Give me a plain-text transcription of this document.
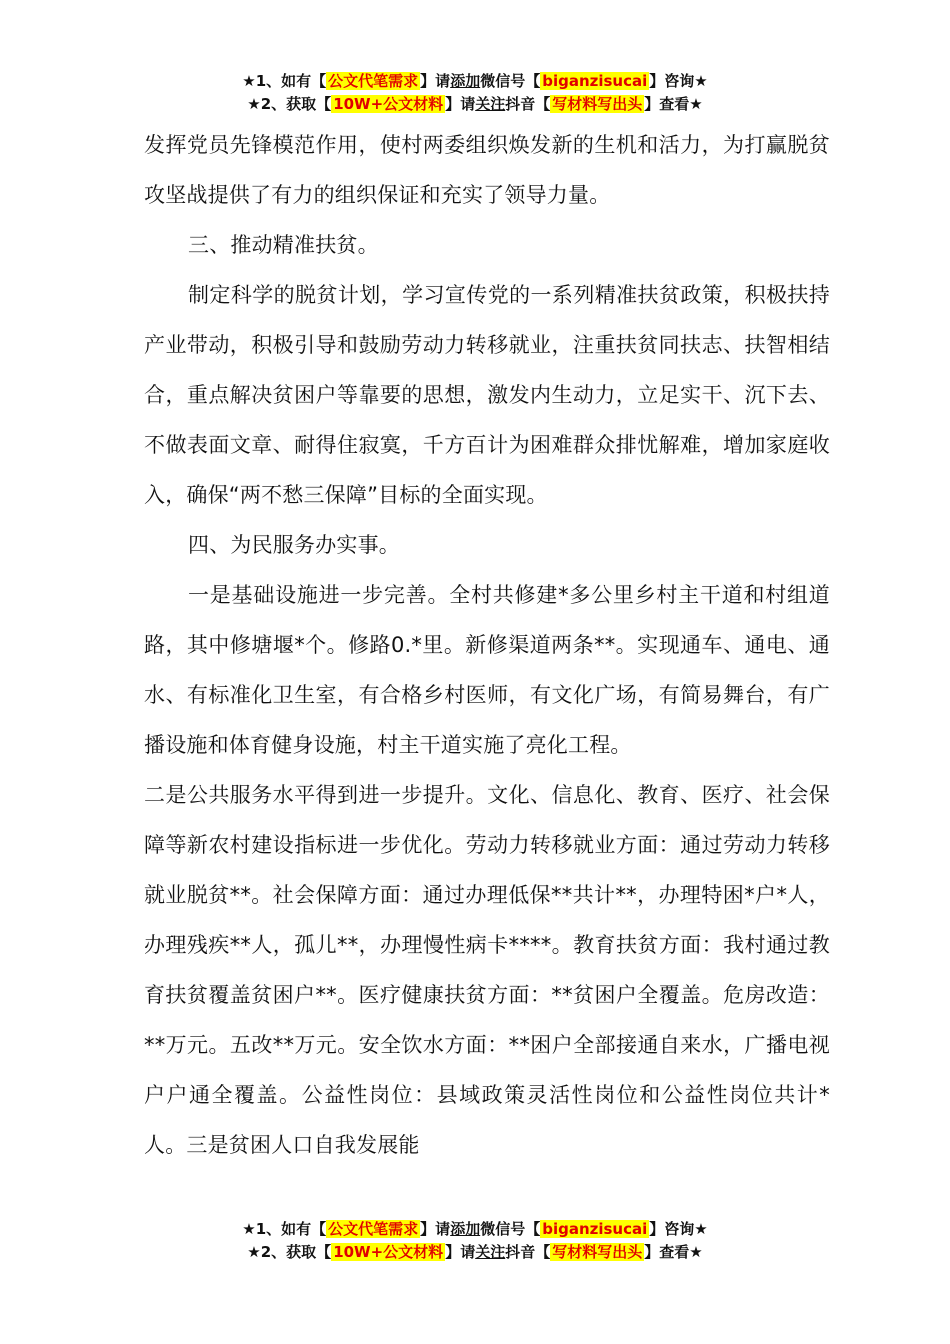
★1、如有【 公文代笔需求 】请添加微信号【 biganzisucai 】咨询★
★2、获取【 10W+公文材料 】请关注抖音【 写材料写出头 】查看★

发挥党员先锋模范作用，使村两委组织焕发新的生机和活力，为打赢脱贫攻坚战提供了有力的组织保证和充实了领导力量。

三、推动精准扶贫。

制定科学的脱贫计划，学习宣传党的一系列精准扶贫政策，积极扶持产业带动，积极引导和鼓励劳动力转移就业，注重扶贫同扶志、扶智相结合，重点解决贫困户等靠要的思想，激发内生动力，立足实干、沉下去、不做表面文章、耐得住寂寞，千方百计为困难群众排忧解难，增加家庭收入，确保“两不愁三保障”目标的全面实现。

四、为民服务办实事。

一是基础设施进一步完善。全村共修建*多公里乡村主干道和村组道路，其中修塘堰*个。修路0.*里。新修渠道两条**。实现通车、通电、通水、有标准化卫生室，有合格乡村医师，有文化广场，有简易舞台，有广播设施和体育健身设施，村主干道实施了亮化工程。

二是公共服务水平得到进一步提升。文化、信息化、教育、医疗、社会保障等新农村建设指标进一步优化。劳动力转移就业方面：通过劳动力转移就业脱贫**。社会保障方面：通过办理低保**共计**，办理特困*户*人，办理残疾**人，孤儿**，办理慢性病卡****。教育扶贫方面：我村通过教育扶贫覆盖贫困户**。医疗健康扶贫方面：**贫困户全覆盖。危房改造：**万元。五改**万元。安全饮水方面：**困户全部接通自来水，广播电视户户通全覆盖。公益性岗位：县域政策灵活性岗位和公益性岗位共计*人。三是贫困人口自我发展能

★1、如有【 公文代笔需求 】请添加微信号【 biganzisucai 】咨询★
★2、获取【 10W+公文材料 】请关注抖音【 写材料写出头 】查看★
